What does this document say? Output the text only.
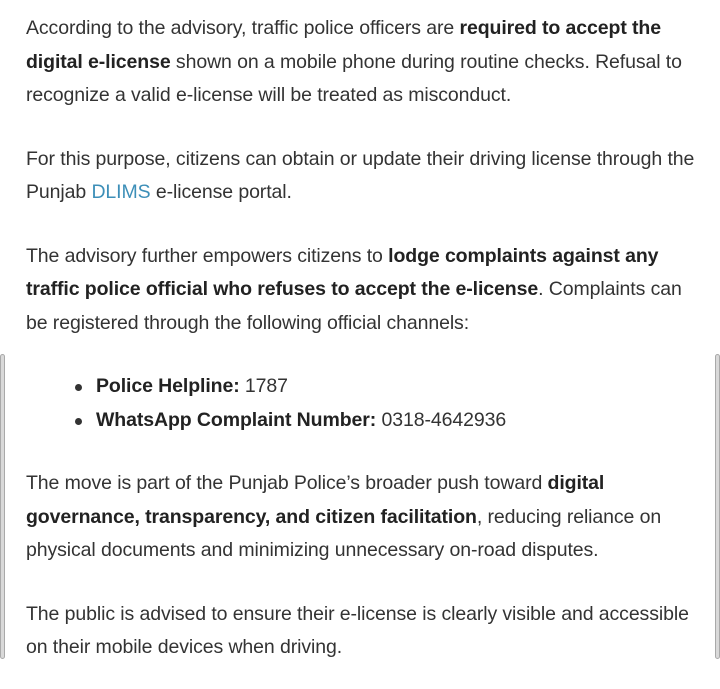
According to the advisory, traffic police officers are required to accept the digital e-license shown on a mobile phone during routine checks. Refusal to recognize a valid e-license will be treated as misconduct.

For this purpose, citizens can obtain or update their driving license through the Punjab DLIMS e-license portal.

The advisory further empowers citizens to lodge complaints against any traffic police official who refuses to accept the e-license. Complaints can be registered through the following official channels:

Police Helpline: 1787
WhatsApp Complaint Number: 0318-4642936

The move is part of the Punjab Police’s broader push toward digital governance, transparency, and citizen facilitation, reducing reliance on physical documents and minimizing unnecessary on-road disputes.

The public is advised to ensure their e-license is clearly visible and accessible on their mobile devices when driving.
